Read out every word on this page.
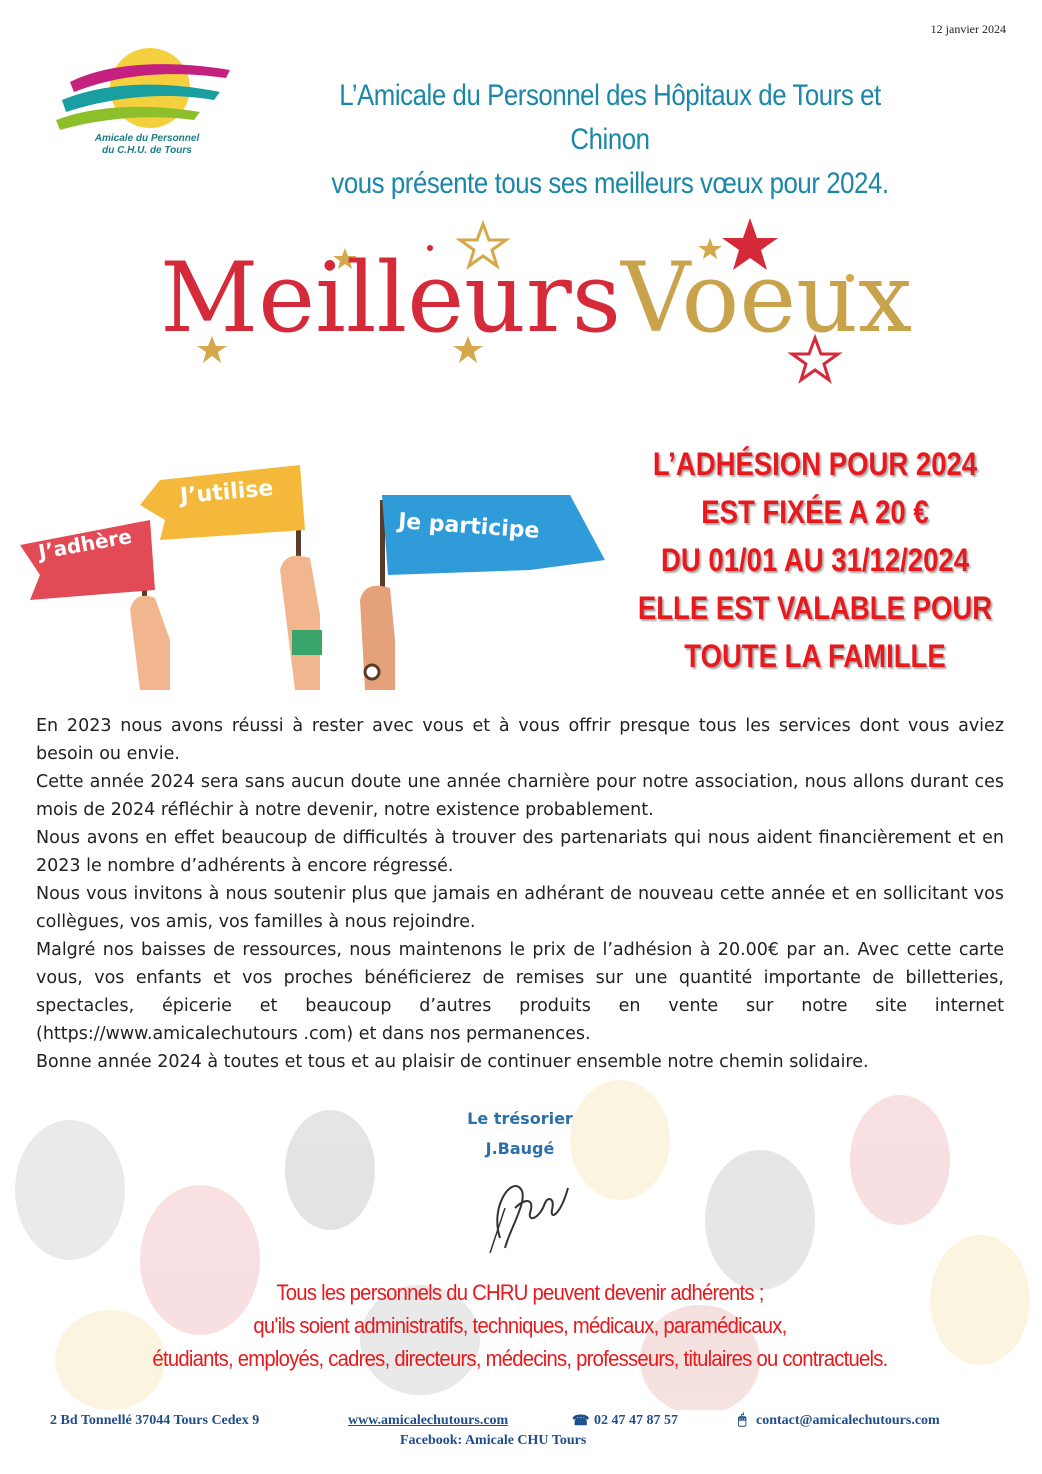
12 janvier 2024
Amicale du Personnel
du C.H.U. de Tours
L’Amicale du Personnel des Hôpitaux de Tours et Chinon
vous présente tous ses meilleurs vœux pour 2024.
MeilleursVoeux
J’adhère
J’utilise
Je participe
L’ADHÉSION POUR 2024
EST FIXÉE A 20 €
DU 01/01 AU 31/12/2024
ELLE EST VALABLE POUR
TOUTE LA FAMILLE

En 2023 nous avons réussi à rester avec vous et à vous offrir presque tous les services dont vous aviez besoin ou envie.

Cette année 2024 sera sans aucun doute une année charnière pour notre association, nous allons durant ces mois de 2024 réfléchir à notre devenir, notre existence probablement.

Nous avons en effet beaucoup de difficultés à trouver des partenariats qui nous aident financièrement et en 2023 le nombre d’adhérents à encore régressé.

Nous vous invitons à nous soutenir plus que jamais en adhérant de nouveau cette année et en sollicitant vos collègues, vos amis, vos familles à nous rejoindre.

Malgré nos baisses de ressources, nous maintenons le prix de l’adhésion à 20.00€ par an. Avec cette carte vous, vos enfants et vos proches bénéficierez de remises sur une quantité importante de billetteries, spectacles, épicerie et beaucoup d’autres produits en vente sur notre site internet (https://www.amicalechutours .com) et dans nos permanences.

Bonne année 2024 à toutes et tous et au plaisir de continuer ensemble notre chemin solidaire.

Le trésorier
J.Baugé
Tous les personnels du CHRU peuvent devenir adhérents ;
qu'ils soient administratifs, techniques, médicaux, paramédicaux,
étudiants, employés, cadres, directeurs, médecins, professeurs, titulaires ou contractuels.
2 Bd Tonnellé 37044 Tours Cedex 9	www.amicalechutours.com	☎ 02 47 47 87 57	🖱 contact@amicalechutours.com
Facebook: Amicale CHU Tours
